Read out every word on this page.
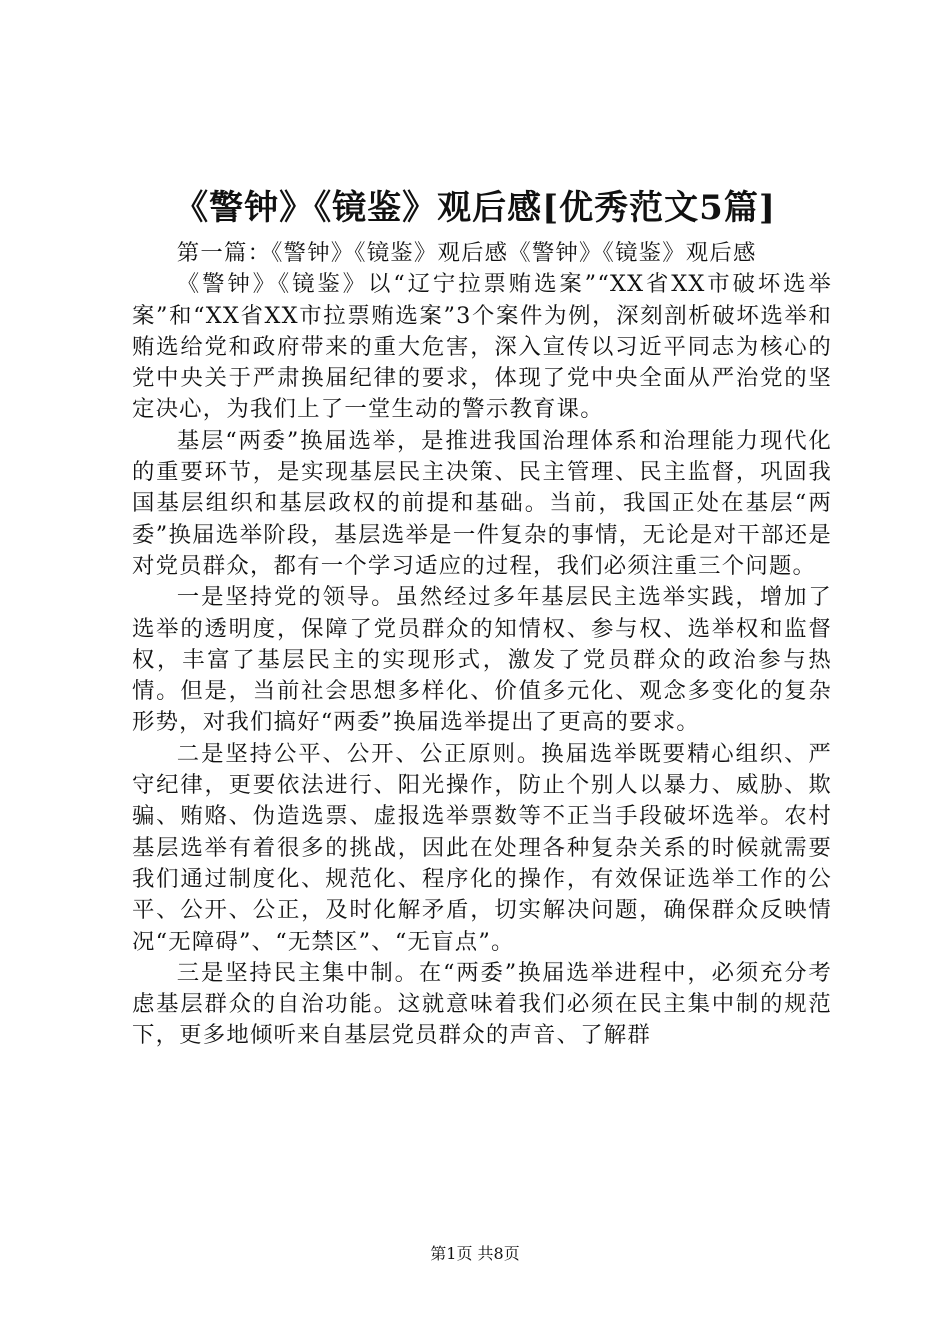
《警钟》《镜鉴》观后感[优秀范文5篇]

第一篇：《警钟》《镜鉴》观后感《警钟》《镜鉴》观后感

《警钟》《镜鉴》以“辽宁拉票贿选案”“XX省XX市破坏选举案”和“XX省XX市拉票贿选案”3个案件为例，深刻剖析破坏选举和贿选给党和政府带来的重大危害，深入宣传以习近平同志为核心的党中央关于严肃换届纪律的要求，体现了党中央全面从严治党的坚定决心，为我们上了一堂生动的警示教育课。

基层“两委”换届选举，是推进我国治理体系和治理能力现代化的重要环节，是实现基层民主决策、民主管理、民主监督，巩固我国基层组织和基层政权的前提和基础。当前，我国正处在基层“两委”换届选举阶段，基层选举是一件复杂的事情，无论是对干部还是对党员群众，都有一个学习适应的过程，我们必须注重三个问题。

一是坚持党的领导。虽然经过多年基层民主选举实践，增加了选举的透明度，保障了党员群众的知情权、参与权、选举权和监督权，丰富了基层民主的实现形式，激发了党员群众的政治参与热情。但是，当前社会思想多样化、价值多元化、观念多变化的复杂形势，对我们搞好“两委”换届选举提出了更高的要求。

二是坚持公平、公开、公正原则。换届选举既要精心组织、严守纪律，更要依法进行、阳光操作，防止个别人以暴力、威胁、欺骗、贿赂、伪造选票、虚报选举票数等不正当手段破坏选举。农村基层选举有着很多的挑战，因此在处理各种复杂关系的时候就需要我们通过制度化、规范化、程序化的操作，有效保证选举工作的公平、公开、公正，及时化解矛盾，切实解决问题，确保群众反映情况“无障碍”、“无禁区”、“无盲点”。

三是坚持民主集中制。在“两委”换届选举进程中，必须充分考虑基层群众的自治功能。这就意味着我们必须在民主集中制的规范下，更多地倾听来自基层党员群众的声音、了解群

第1页 共8页
